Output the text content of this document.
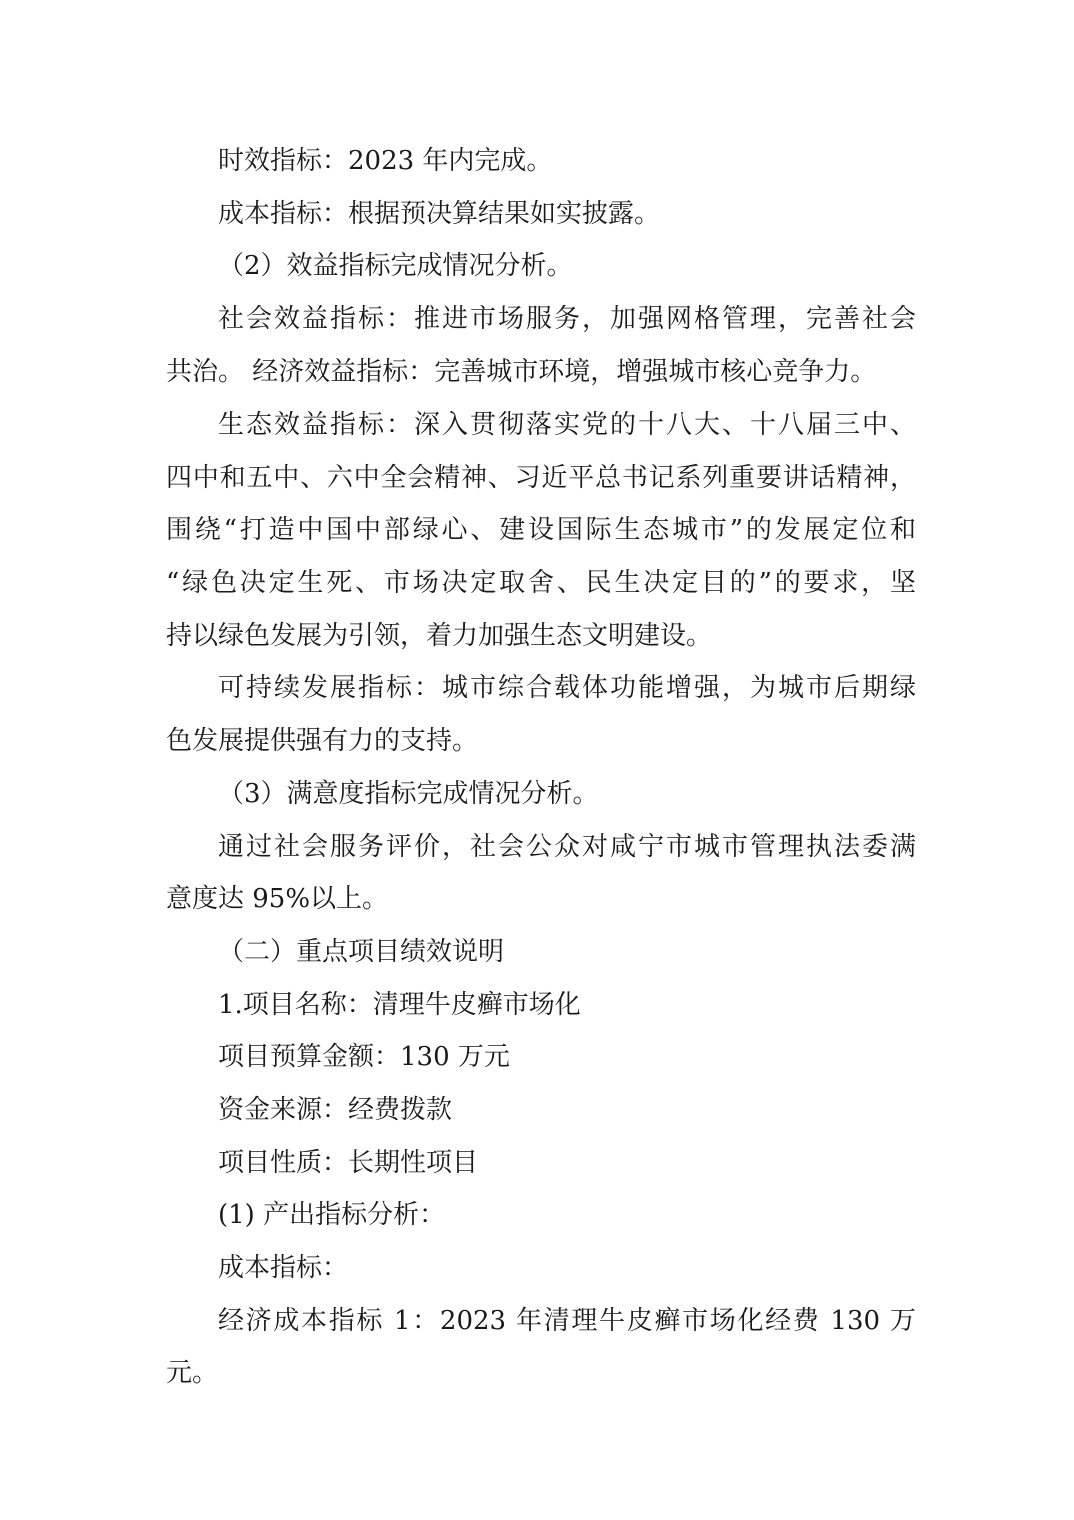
时效指标：2023 年内完成。

成本指标：根据预决算结果如实披露。

（2）效益指标完成情况分析。

社会效益指标：推进市场服务，加强网格管理，完善社会

共治。 经济效益指标：完善城市环境，增强城市核心竞争力。

生态效益指标：深入贯彻落实党的十八大、十八届三中、

四中和五中、六中全会精神、习近平总书记系列重要讲话精神，

围绕“打造中国中部绿心、建设国际生态城市”的发展定位和

“绿色决定生死、市场决定取舍、民生决定目的”的要求，坚

持以绿色发展为引领，着力加强生态文明建设。

可持续发展指标：城市综合载体功能增强，为城市后期绿

色发展提供强有力的支持。

（3）满意度指标完成情况分析。

通过社会服务评价，社会公众对咸宁市城市管理执法委满

意度达 95%以上。

（二）重点项目绩效说明

1.项目名称：清理牛皮癣市场化

项目预算金额：130 万元

资金来源：经费拨款

项目性质：长期性项目

(1) 产出指标分析：

成本指标：

经济成本指标 1：2023 年清理牛皮癣市场化经费 130 万

元。
